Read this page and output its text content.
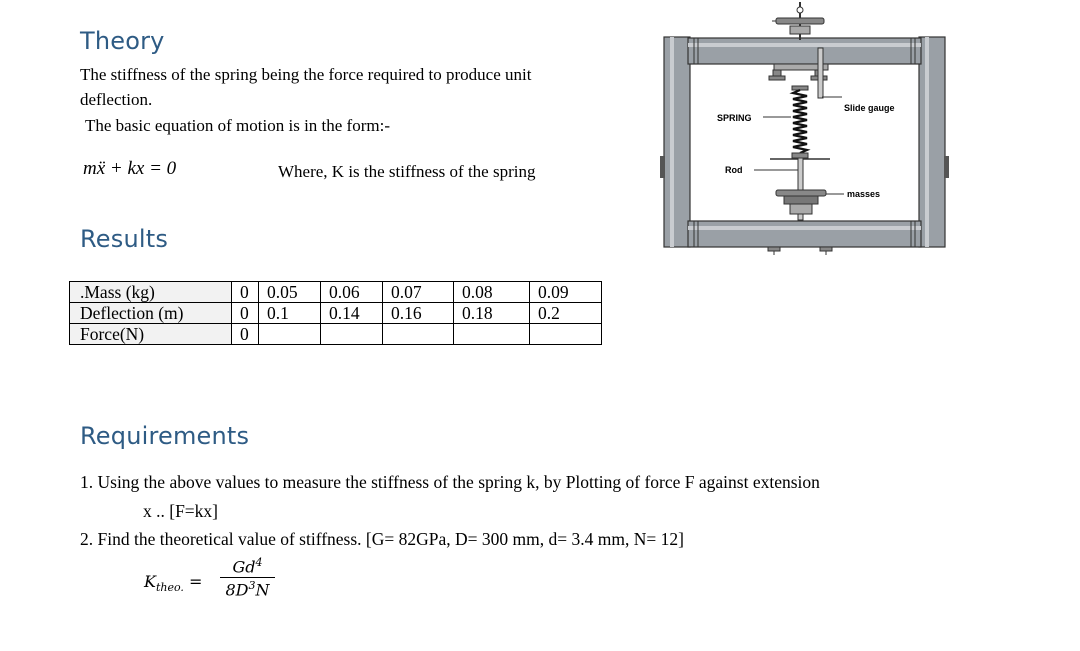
Theory

The stiffness of the spring being the force required to produce unit

deflection.

The basic equation of motion is in the form:-

mẍ + kx = 0	Where, K is the stiffness of the spring

SPRING
Slide gauge
Rod
masses
Results
.Mass (kg)	0	0.05	0.06	0.07	0.08	0.09
Deflection (m)	0	0.1	0.14	0.16	0.18	0.2
Force(N)	0					
Requirements

1. Using the above values to measure the stiffness of the spring k, by Plotting of force F against extension

x .. [F=kx]

2. Find the theoretical value of stiffness. [G= 82GPa, D= 300 mm, d= 3.4 mm, N= 12]

$K_{theo.} = \frac{Gd^4}{8D^3N}$
